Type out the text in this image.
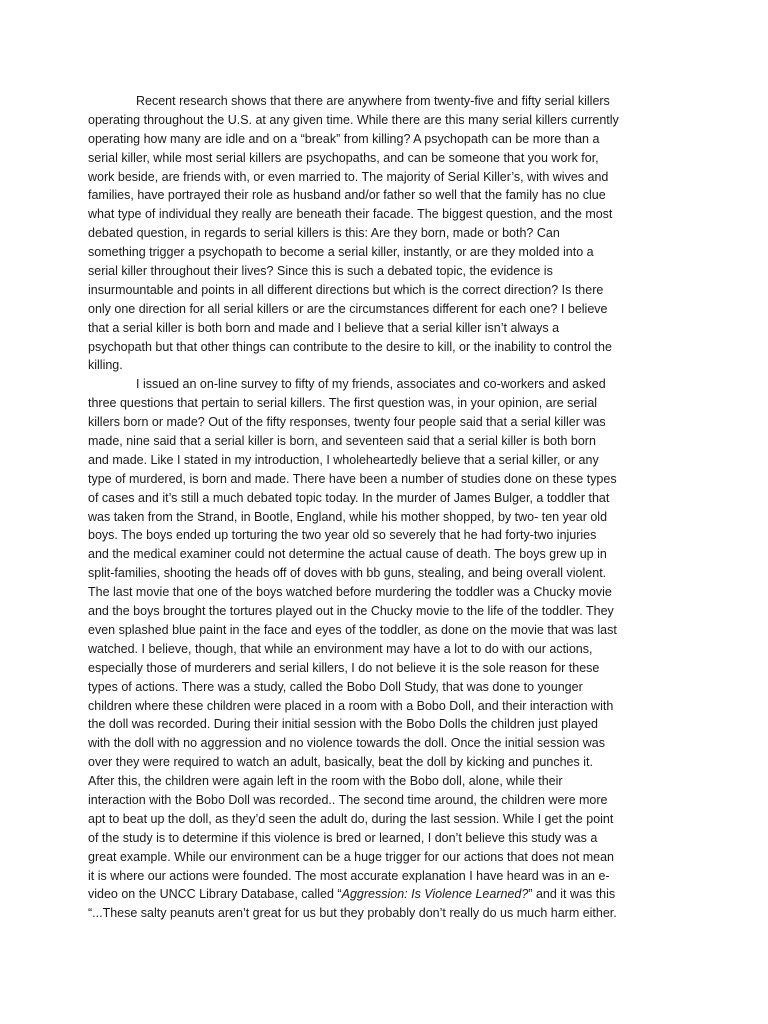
Recent research shows that there are anywhere from twenty-five and fifty serial killers
operating throughout the U.S. at any given time. While there are this many serial killers currently
operating how many are idle and on a “break” from killing? A psychopath can be more than a
serial killer, while most serial killers are psychopaths, and can be someone that you work for,
work beside, are friends with, or even married to. The majority of Serial Killer’s, with wives and
families, have portrayed their role as husband and/or father so well that the family has no clue
what type of individual they really are beneath their facade. The biggest question, and the most
debated question, in regards to serial killers is this: Are they born, made or both? Can
something trigger a psychopath to become a serial killer, instantly, or are they molded into a
serial killer throughout their lives? Since this is such a debated topic, the evidence is
insurmountable and points in all different directions but which is the correct direction? Is there
only one direction for all serial killers or are the circumstances different for each one? I believe
that a serial killer is both born and made and I believe that a serial killer isn’t always a
psychopath but that other things can contribute to the desire to kill, or the inability to control the
killing.
I issued an on-line survey to fifty of my friends, associates and co-workers and asked
three questions that pertain to serial killers. The first question was, in your opinion, are serial
killers born or made? Out of the fifty responses, twenty four people said that a serial killer was
made, nine said that a serial killer is born, and seventeen said that a serial killer is both born
and made. Like I stated in my introduction, I wholeheartedly believe that a serial killer, or any
type of murdered, is born and made. There have been a number of studies done on these types
of cases and it’s still a much debated topic today. In the murder of James Bulger, a toddler that
was taken from the Strand, in Bootle, England, while his mother shopped, by two- ten year old
boys. The boys ended up torturing the two year old so severely that he had forty-two injuries
and the medical examiner could not determine the actual cause of death. The boys grew up in
split-families, shooting the heads off of doves with bb guns, stealing, and being overall violent.
The last movie that one of the boys watched before murdering the toddler was a Chucky movie
and the boys brought the tortures played out in the Chucky movie to the life of the toddler. They
even splashed blue paint in the face and eyes of the toddler, as done on the movie that was last
watched. I believe, though, that while an environment may have a lot to do with our actions,
especially those of murderers and serial killers, I do not believe it is the sole reason for these
types of actions. There was a study, called the Bobo Doll Study, that was done to younger
children where these children were placed in a room with a Bobo Doll, and their interaction with
the doll was recorded. During their initial session with the Bobo Dolls the children just played
with the doll with no aggression and no violence towards the doll. Once the initial session was
over they were required to watch an adult, basically, beat the doll by kicking and punches it.
After this, the children were again left in the room with the Bobo doll, alone, while their
interaction with the Bobo Doll was recorded.. The second time around, the children were more
apt to beat up the doll, as they’d seen the adult do, during the last session. While I get the point
of the study is to determine if this violence is bred or learned, I don’t believe this study was a
great example. While our environment can be a huge trigger for our actions that does not mean
it is where our actions were founded. The most accurate explanation I have heard was in an e-
video on the UNCC Library Database, called “Aggression: Is Violence Learned?” and it was this
“...These salty peanuts aren’t great for us but they probably don’t really do us much harm either.
